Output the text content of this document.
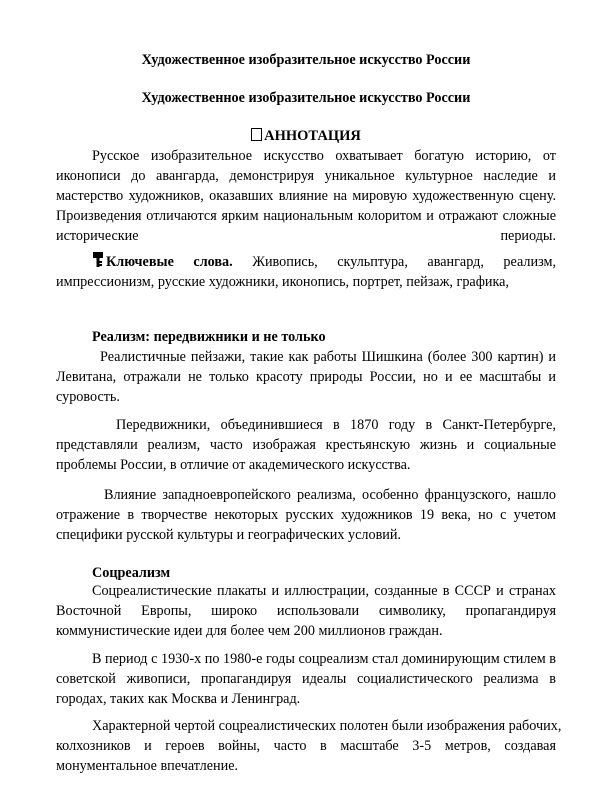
Художественное изобразительное искусство России
Художественное изобразительное искусство России
АННОТАЦИЯ
Русское изобразительное искусство охватывает богатую историю, от
иконописи до авангарда, демонстрируя уникальное культурное наследие и
мастерство художников, оказавших влияние на мировую художественную сцену.
Произведения отличаются ярким национальным колоритом и отражают сложные
исторические периоды.
Ключевые слова. Живопись, скульптура, авангард, реализм,
импрессионизм, русские художники, иконопись, портрет, пейзаж, графика,
Реализм: передвижники и не только
Реалистичные пейзажи, такие как работы Шишкина (более 300 картин) и
Левитана, отражали не только красоту природы России, но и ее масштабы и
суровость.
Передвижники, объединившиеся в 1870 году в Санкт-Петербурге,
представляли реализм, часто изображая крестьянскую жизнь и социальные
проблемы России, в отличие от академического искусства.
Влияние западноевропейского реализма, особенно французского, нашло
отражение в творчестве некоторых русских художников 19 века, но с учетом
специфики русской культуры и географических условий.
Соцреализм
Соцреалистические плакаты и иллюстрации, созданные в СССР и странах
Восточной Европы, широко использовали символику, пропагандируя
коммунистические идеи для более чем 200 миллионов граждан.
В период с 1930-х по 1980-е годы соцреализм стал доминирующим стилем в
советской живописи, пропагандируя идеалы социалистического реализма в
городах, таких как Москва и Ленинград.
Характерной чертой соцреалистических полотен были изображения рабочих,
колхозников и героев войны, часто в масштабе 3-5 метров, создавая
монументальное впечатление.
